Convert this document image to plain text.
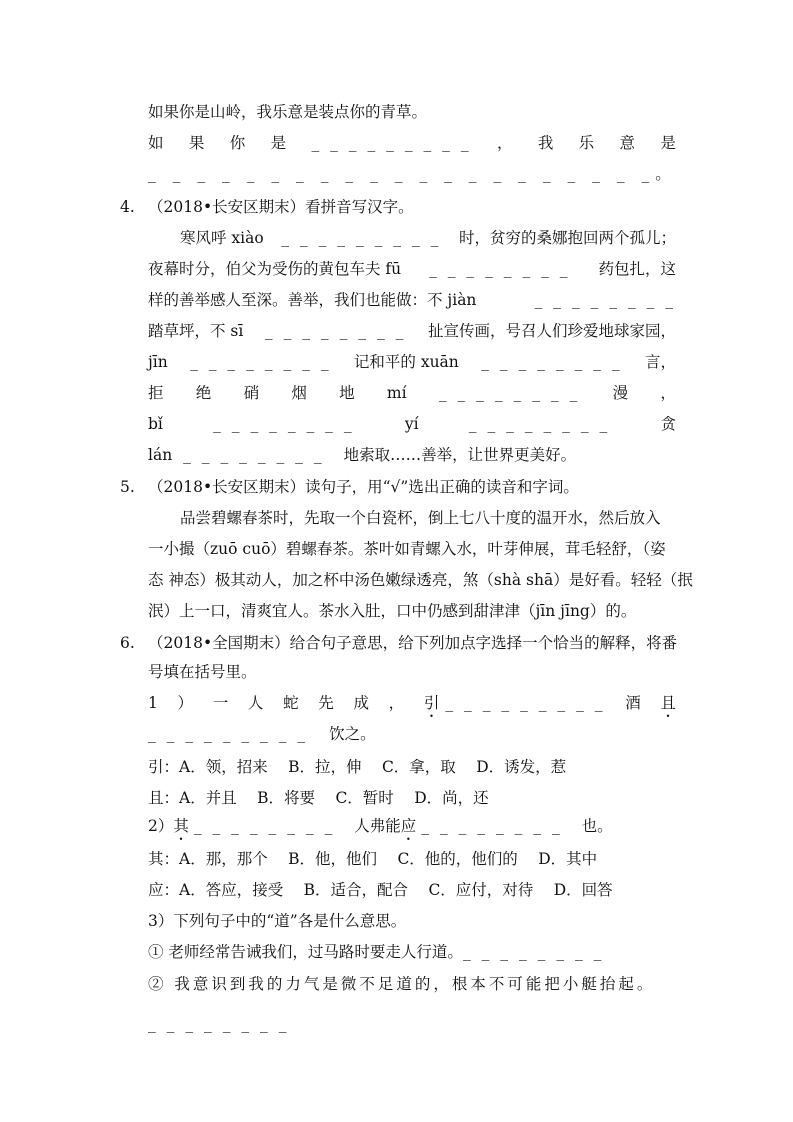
如果你是山岭，我乐意是装点你的青草。
如 果 你 是 _ _ _ _ _ _ _ _ _ ， 我 乐 意 是
_ _ _ _ _ _ _ _ _ _ _ _ _ _ _ _ _ _ _ _ _ 。
4. （2018•长安区期末）看拼音写汉字。
寒风呼 xiào _ _ _ _ _ _ _ _ _ 时，贫穷的桑娜抱回两个孤儿；
夜幕时分，伯父为受伤的黄包车夫 fū _ _ _ _ _ _ _ _ 药包扎，这
样的善举感人至深。善举，我们也能做：不 jiàn	_ _ _ _ _ _ _ _
踏草坪，不 sī _ _ _ _ _ _ _ _ 扯宣传画，号召人们珍爱地球家园，
jīn _ _ _ _ _ _ _ _ 记和平的 xuān _ _ _ _ _ _ _ _ 言，
拒 绝 硝 烟 地 mí _ _ _ _ _ _ _ _ 漫 ，
bǐ	_ _ _ _ _ _ _ _	yí	_ _ _ _ _ _ _ _	贪
lán _ _ _ _ _ _ _ _ 地索取……善举，让世界更美好。
5. （2018•长安区期末）读句子，用“√”选出正确的读音和字词。
品尝碧螺春茶时，先取一个白瓷杯，倒上七八十度的温开水，然后放入
一小撮（zuō cuō）碧螺春茶。茶叶如青螺入水，叶芽伸展，茸毛轻舒，（姿
态 神态）极其动人，加之杯中汤色嫩绿透亮，煞（shà shā）是好看。轻轻（抿
泯）上一口，清爽宜人。茶水入肚，口中仍感到甜津津（jīn jīng）的。
6. （2018•全国期末）给合句子意思，给下列加点字选择一个恰当的解释，将番
号填在括号里。
1 ） 一 人 蛇 先 成 ， 引 _ _ _ _ _ _ _ _ _ 酒 且
_ _ _ _ _ _ _ _ _ 饮之。
引：A．领，招来　 B．拉，伸　 C．拿，取　 D．诱发，惹
且：A．并且　 B．将要　 C．暂时　 D．尚，还
2）其 _ _ _ _ _ _ _ _ 人弗能应 _ _ _ _ _ _ _ _ 也。
其：A．那，那个　 B．他，他们　 C．他的，他们的　 D．其中
应：A．答应，接受　 B．适合，配合　 C．应付，对待　 D．回答
3）下列句子中的“道”各是什么意思。
① 老师经常告诫我们，过马路时要走人行道。_ _ _ _ _ _ _ _
② 我意识到我的力气是微不足道的，根本不可能把小艇抬起。
_ _ _ _ _ _ _ _
